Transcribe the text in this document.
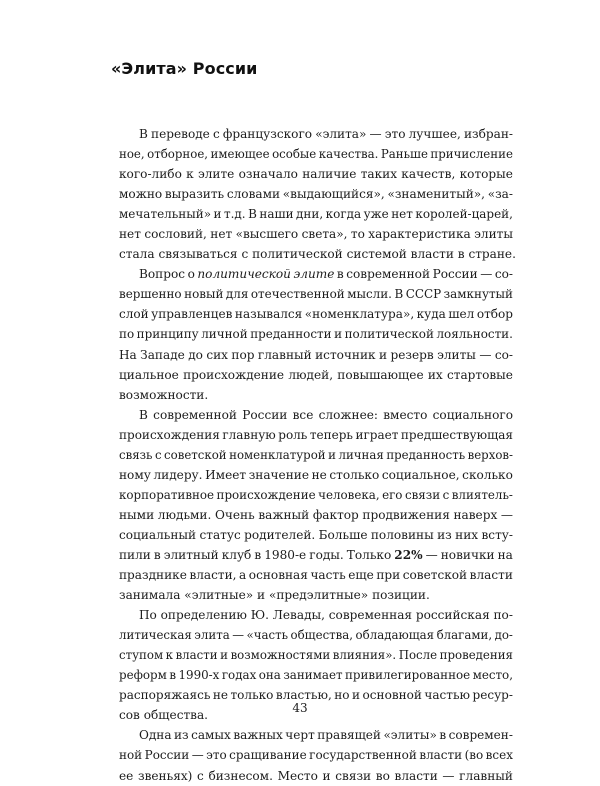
«Элита» России
В переводе с французского «элита» — это лучшее, избран-
ное, отборное, имеющее особые качества. Раньше причисление
кого-либо к элите означало наличие таких качеств, которые
можно выразить словами «выдающийся», «знаменитый», «за-
мечательный» и т.д. В наши дни, когда уже нет королей-царей,
нет сословий, нет «высшего света», то характеристика элиты
стала связываться с политической системой власти в стране.
Вопрос о политической элите в современной России — со-
вершенно новый для отечественной мысли. В СССР замкнутый
слой управленцев называлcя «номенклатура», куда шел отбор
по принципу личной преданности и политической лояльности.
На Западе до сих пор главный источник и резерв элиты — со-
циальное происхождение людей, повышающее их стартовые
возможности.
В современной России все сложнее: вместо социального
происхождения главную роль теперь играет предшествующая
связь с советской номенклатурой и личная преданность верхов-
ному лидеру. Имеет значение не столько социальное, сколько
корпоративное происхождение человека, его связи с влиятель-
ными людьми. Очень важный фактор продвижения наверх —
социальный статус родителей. Больше половины из них всту-
пили в элитный клуб в 1980-е годы. Только 22% — новички на
празднике власти, а основная часть еще при советской власти
занимала «элитные» и «предэлитные» позиции.
По определению Ю. Левады, современная российская по-
литическая элита — «часть общества, обладающая благами, до-
ступом к власти и возможностями влияния». После проведения
реформ в 1990-х годах она занимает привилегированное место,
распоряжаясь не только властью, но и основной частью ресур-
сов общества.
Одна из самых важных черт правящей «элиты» в современ-
ной России — это сращивание государственной власти (во всех
ее звеньях) с бизнесом. Место и связи во власти — главный
43
